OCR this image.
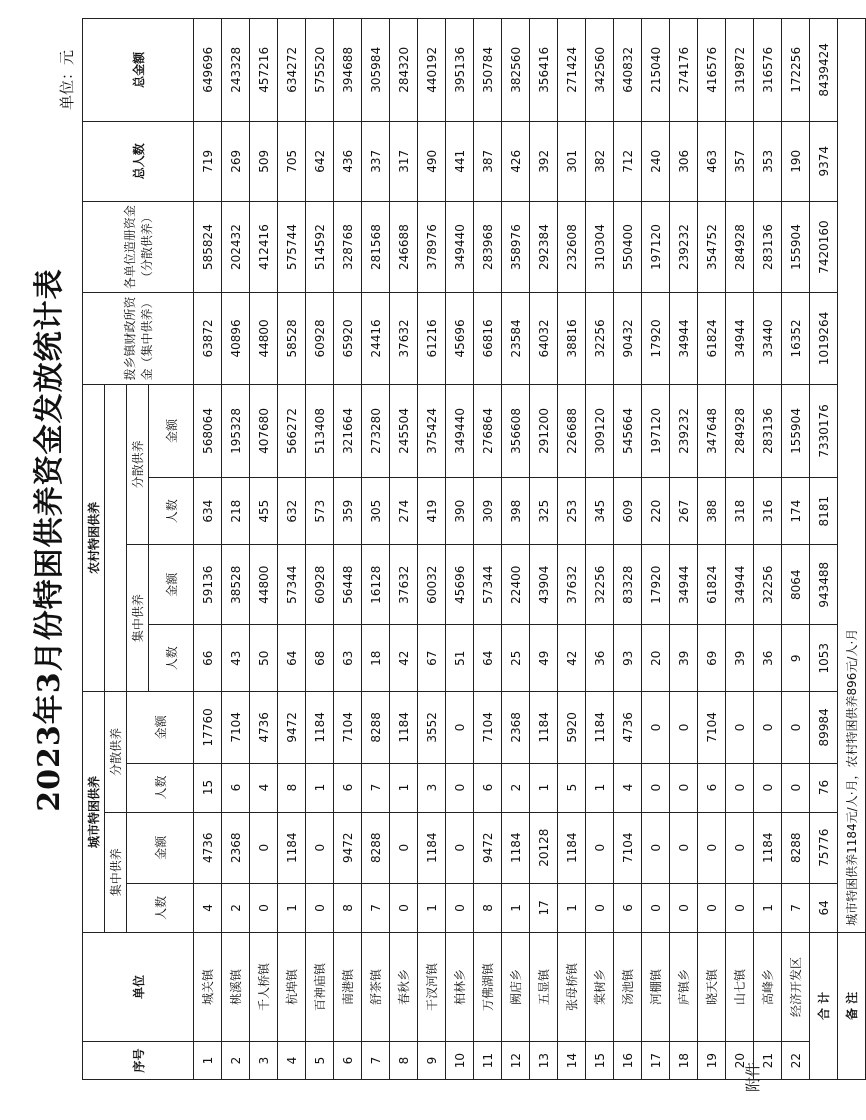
附件
2023年3月份特困供养资金发放统计表
单位：元
序号	单位	城市特困供养				农村特困供养				拨乡镇财政所资金（集中供养）	各单位造册资金（分散供养）	总人数	总金额
		集中供养		分散供养									
		人数	金额	人数	金额	集中供养		分散供养					
						人数	金额	人数	金额				
1	城关镇	4	4736	15	17760	66	59136	634	568064	63872	585824	719	649696
2	桃溪镇	2	2368	6	7104	43	38528	218	195328	40896	202432	269	243328
3	千人桥镇	0	0	4	4736	50	44800	455	407680	44800	412416	509	457216
4	杭埠镇	1	1184	8	9472	64	57344	632	566272	58528	575744	705	634272
5	百神庙镇	0	0	1	1184	68	60928	573	513408	60928	514592	642	575520
6	南港镇	8	9472	6	7104	63	56448	359	321664	65920	328768	436	394688
7	舒茶镇	7	8288	7	8288	18	16128	305	273280	24416	281568	337	305984
8	春秋乡	0	0	1	1184	42	37632	274	245504	37632	246688	317	284320
9	干汊河镇	1	1184	3	3552	67	60032	419	375424	61216	378976	490	440192
10	柏林乡	0	0	0	0	51	45696	390	349440	45696	349440	441	395136
11	万佛湖镇	8	9472	6	7104	64	57344	309	276864	66816	283968	387	350784
12	阙店乡	1	1184	2	2368	25	22400	398	356608	23584	358976	426	382560
13	五显镇	17	20128	1	1184	49	43904	325	291200	64032	292384	392	356416
14	张母桥镇	1	1184	5	5920	42	37632	253	226688	38816	232608	301	271424
15	棠树乡	0	0	1	1184	36	32256	345	309120	32256	310304	382	342560
16	汤池镇	6	7104	4	4736	93	83328	609	545664	90432	550400	712	640832
17	河棚镇	0	0	0	0	20	17920	220	197120	17920	197120	240	215040
18	庐镇乡	0	0	0	0	39	34944	267	239232	34944	239232	306	274176
19	晓天镇	0	0	6	7104	69	61824	388	347648	61824	354752	463	416576
20	山七镇	0	0	0	0	39	34944	318	284928	34944	284928	357	319872
21	高峰乡	1	1184	0	0	36	32256	316	283136	33440	283136	353	316576
22	经济开发区	7	8288	0	0	9	8064	174	155904	16352	155904	190	172256
合 计		64	75776	76	89984	1053	943488	8181	7330176	1019264	7420160	9374	8439424
备 注		城市特困供养1184元/人·月，农村特困供养896元/人·月											
